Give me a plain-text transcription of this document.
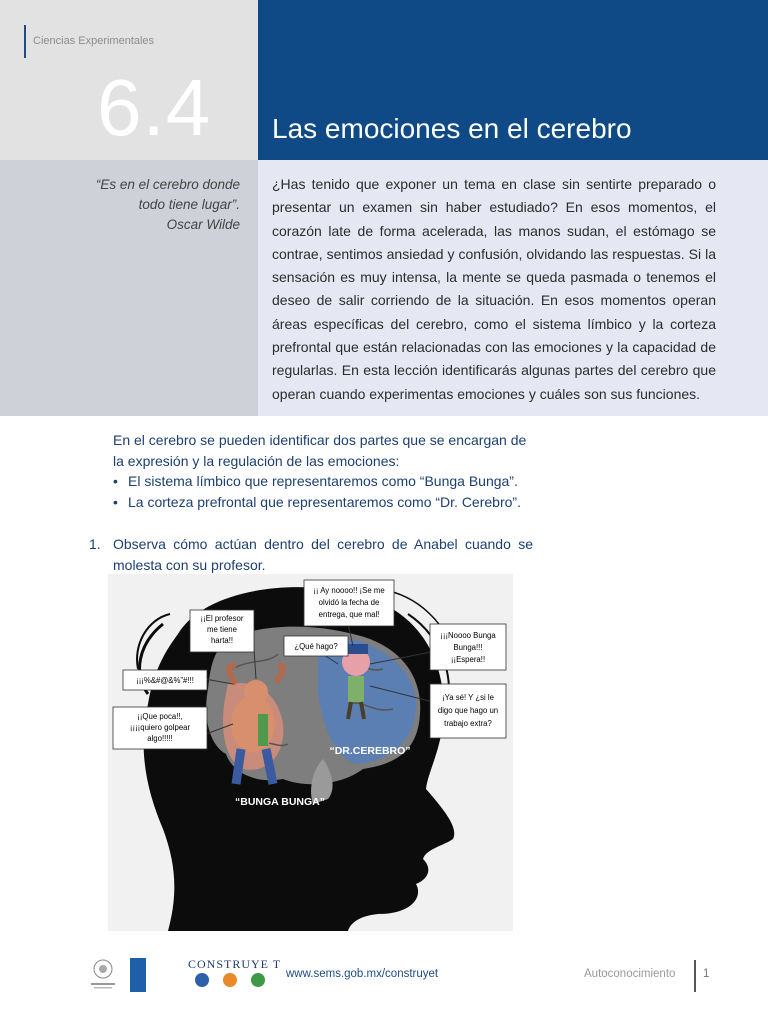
Ciencias Experimentales
6.4 Las emociones en el cerebro
“Es en el cerebro donde
todo tiene lugar”.
Oscar Wilde

¿Has tenido que exponer un tema en clase sin sentirte preparado o presentar un examen sin haber estudiado? En esos momentos, el corazón late de forma acelerada, las manos sudan, el estómago se contrae, sentimos ansiedad y confusión, olvidando las respuestas. Si la sensación es muy intensa, la mente se queda pasmada o tenemos el deseo de salir corriendo de la situación. En esos momentos operan áreas específicas del cerebro, como el sistema límbico y la corteza prefrontal que están relacionadas con las emociones y la capacidad de regularlas. En esta lección identificarás algunas partes del cerebro que operan cuando experimentas emociones y cuáles son sus funciones.

En el cerebro se pueden identificar dos partes que se encargan de la expresión y la regulación de las emociones:

• El sistema límbico que representaremos como “Bunga Bunga”.
• La corteza prefrontal que representaremos como “Dr. Cerebro”.
1. Observa cómo actúan dentro del cerebro de Anabel cuando se molesta con su profesor.
¡¡El profesor
me tiene
harta!!
¡¡¡%&#@&%”#!!!
¡¡Que poca!!,
¡¡¡¡quiero golpear
algo!!!!!
¡¡ Ay noooo!! ¡Se me
olvidó la fecha de
entrega, que mal!
¿Qué hago?
¡¡¡Noooo Bunga
Bunga!!!
¡¡Espera!!
¡Ya sé! Y ¿si le
digo que hago un
trabajo extra?
“DR.CEREBRO”
“BUNGA BUNGA”
CONSTRUYE T
www.sems.gob.mx/construyet	Autoconocimiento 1
